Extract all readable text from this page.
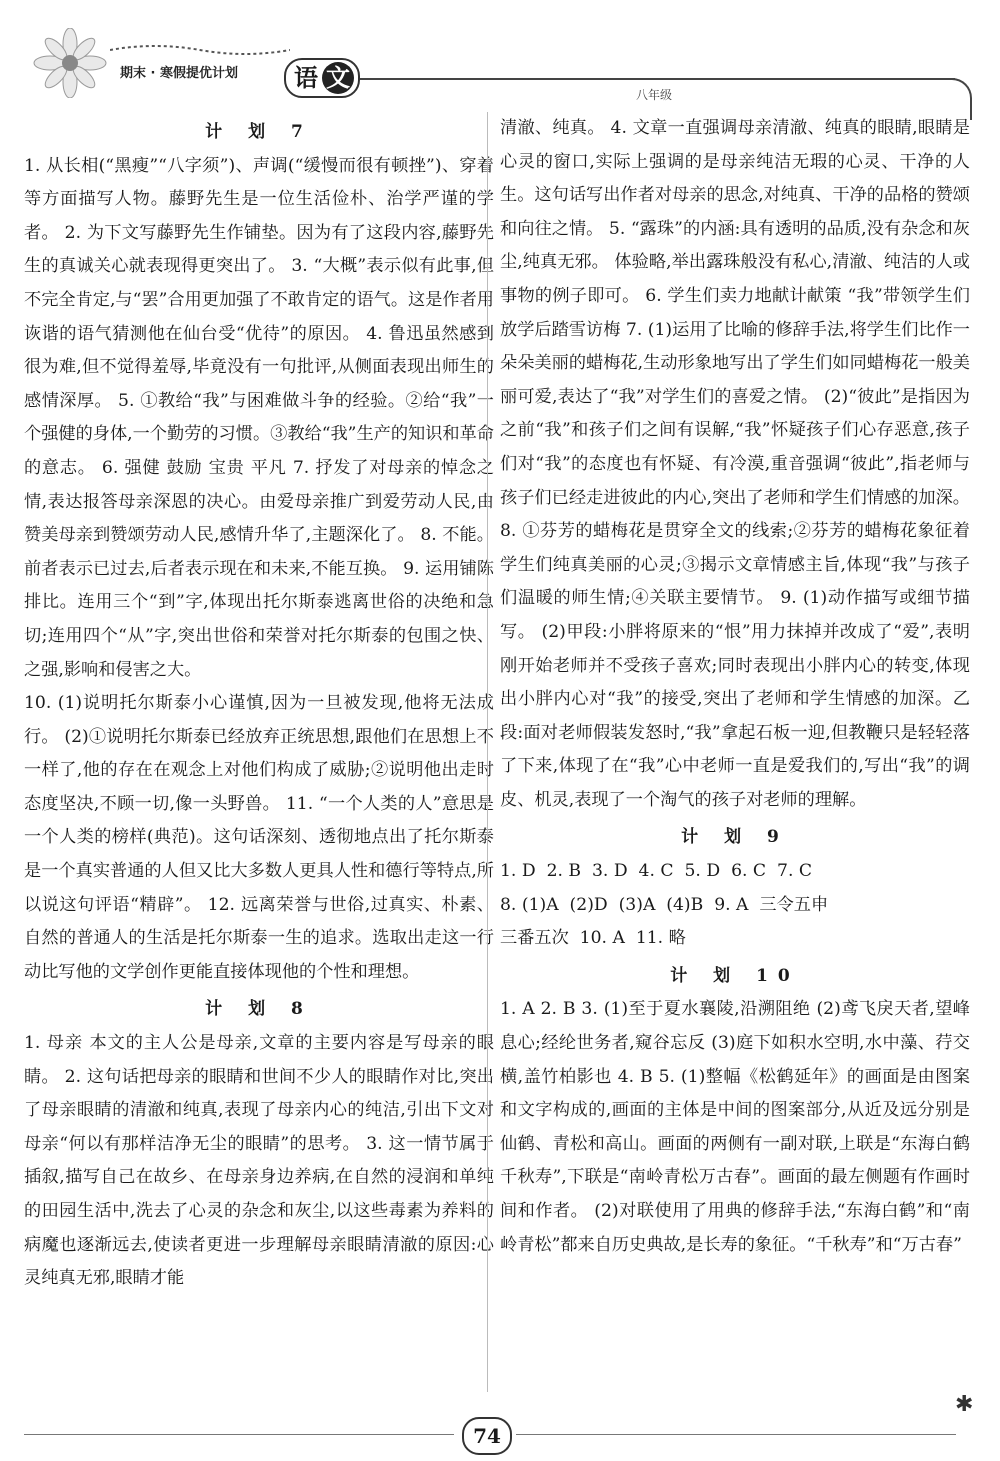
期末 · 寒假提优计划 语 文
八年级
计 划 7

1. 从长相(“黑瘦”“八字须”)、声调(“缓慢而很有顿挫”)、穿着等方面描写人物。藤野先生是一位生活俭朴、治学严谨的学者。 2. 为下文写藤野先生作铺垫。因为有了这段内容,藤野先生的真诚关心就表现得更突出了。 3. “大概”表示似有此事,但不完全肯定,与“罢”合用更加强了不敢肯定的语气。这是作者用诙谐的语气猜测他在仙台受“优待”的原因。 4. 鲁迅虽然感到很为难,但不觉得羞辱,毕竟没有一句批评,从侧面表现出师生的感情深厚。 5. ①教给“我”与困难做斗争的经验。②给“我”一个强健的身体,一个勤劳的习惯。③教给“我”生产的知识和革命的意志。 6. 强健 鼓励 宝贵 平凡 7. 抒发了对母亲的悼念之情,表达报答母亲深恩的决心。由爱母亲推广到爱劳动人民,由赞美母亲到赞颂劳动人民,感情升华了,主题深化了。 8. 不能。前者表示已过去,后者表示现在和未来,不能互换。 9. 运用铺陈排比。连用三个“到”字,体现出托尔斯泰逃离世俗的决绝和急切;连用四个“从”字,突出世俗和荣誉对托尔斯泰的包围之快、之强,影响和侵害之大。

10. (1)说明托尔斯泰小心谨慎,因为一旦被发现,他将无法成行。 (2)①说明托尔斯泰已经放弃正统思想,跟他们在思想上不一样了,他的存在在观念上对他们构成了威胁;②说明他出走时态度坚决,不顾一切,像一头野兽。 11. “一个人类的人”意思是一个人类的榜样(典范)。这句话深刻、透彻地点出了托尔斯泰是一个真实普通的人但又比大多数人更具人性和德行等特点,所以说这句评语“精辟”。 12. 远离荣誉与世俗,过真实、朴素、自然的普通人的生活是托尔斯泰一生的追求。选取出走这一行动比写他的文学创作更能直接体现他的个性和理想。

计 划 8

1. 母亲 本文的主人公是母亲,文章的主要内容是写母亲的眼睛。 2. 这句话把母亲的眼睛和世间不少人的眼睛作对比,突出了母亲眼睛的清澈和纯真,表现了母亲内心的纯洁,引出下文对母亲“何以有那样洁净无尘的眼睛”的思考。 3. 这一情节属于插叙,描写自己在故乡、在母亲身边养病,在自然的浸润和单纯的田园生活中,洗去了心灵的杂念和灰尘,以这些毒素为养料的病魔也逐渐远去,使读者更进一步理解母亲眼睛清澈的原因:心灵纯真无邪,眼睛才能

清澈、纯真。 4. 文章一直强调母亲清澈、纯真的眼睛,眼睛是心灵的窗口,实际上强调的是母亲纯洁无瑕的心灵、干净的人生。这句话写出作者对母亲的思念,对纯真、干净的品格的赞颂和向往之情。 5. “露珠”的内涵:具有透明的品质,没有杂念和灰尘,纯真无邪。 体验略,举出露珠般没有私心,清澈、纯洁的人或事物的例子即可。 6. 学生们卖力地献计献策 “我”带领学生们放学后踏雪访梅 7. (1)运用了比喻的修辞手法,将学生们比作一朵朵美丽的蜡梅花,生动形象地写出了学生们如同蜡梅花一般美丽可爱,表达了“我”对学生们的喜爱之情。 (2)“彼此”是指因为之前“我”和孩子们之间有误解,“我”怀疑孩子们心存恶意,孩子们对“我”的态度也有怀疑、有冷漠,重音强调“彼此”,指老师与孩子们已经走进彼此的内心,突出了老师和学生们情感的加深。 8. ①芬芳的蜡梅花是贯穿全文的线索;②芬芳的蜡梅花象征着学生们纯真美丽的心灵;③揭示文章情感主旨,体现“我”与孩子们温暖的师生情;④关联主要情节。 9. (1)动作描写或细节描写。 (2)甲段:小胖将原来的“恨”用力抹掉并改成了“爱”,表明刚开始老师并不受孩子喜欢;同时表现出小胖内心的转变,体现出小胖内心对“我”的接受,突出了老师和学生情感的加深。乙段:面对老师假装发怒时,“我”拿起石板一迎,但教鞭只是轻轻落了下来,体现了在“我”心中老师一直是爱我们的,写出“我”的调皮、机灵,表现了一个淘气的孩子对老师的理解。

计 划 9

1. D  2. B  3. D  4. C  5. D  6. C  7. C

8. (1)A  (2)D  (3)A  (4)B  9. A  三令五申

三番五次  10. A  11. 略

计 划 10

1. A 2. B 3. (1)至于夏水襄陵,沿溯阻绝 (2)鸢飞戾天者,望峰息心;经纶世务者,窥谷忘反 (3)庭下如积水空明,水中藻、荇交横,盖竹柏影也 4. B 5. (1)整幅《松鹤延年》的画面是由图案和文字构成的,画面的主体是中间的图案部分,从近及远分别是仙鹤、青松和高山。画面的两侧有一副对联,上联是“东海白鹤千秋寿”,下联是“南岭青松万古春”。画面的最左侧题有作画时间和作者。 (2)对联使用了用典的修辞手法,“东海白鹤”和“南岭青松”都来自历史典故,是长寿的象征。“千秋寿”和“万古春”

74
✱
